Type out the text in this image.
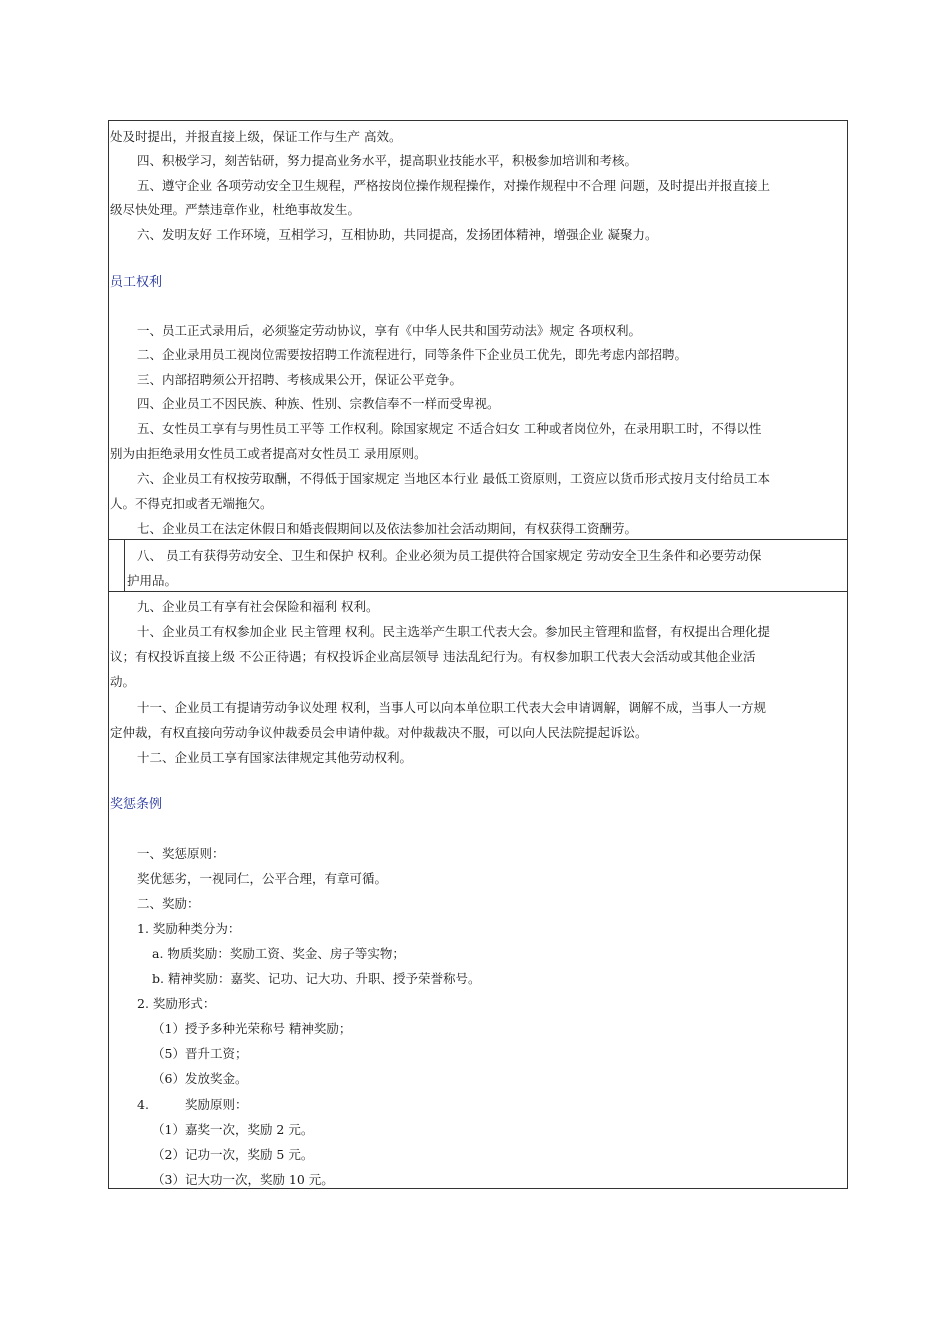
处及时提出，并报直接上级，保证工作与生产 高效。
四、积极学习，刻苦钻研，努力提高业务水平，提高职业技能水平，积极参加培训和考核。
五、遵守企业 各项劳动安全卫生规程，严格按岗位操作规程操作，对操作规程中不合理 问题，及时提出并报直接上
级尽快处理。严禁违章作业，杜绝事故发生。
六、发明友好 工作环境，互相学习，互相协助，共同提高，发扬团体精神，增强企业 凝聚力。
员工权利
一、员工正式录用后，必须鉴定劳动协议，享有《中华人民共和国劳动法》规定 各项权利。
二、企业录用员工视岗位需要按招聘工作流程进行，同等条件下企业员工优先，即先考虑内部招聘。
三、内部招聘须公开招聘、考核成果公开，保证公平竞争。
四、企业员工不因民族、种族、性别、宗教信奉不一样而受卑视。
五、女性员工享有与男性员工平等 工作权利。除国家规定 不适合妇女 工种或者岗位外，在录用职工时，不得以性
别为由拒绝录用女性员工或者提高对女性员工 录用原则。
六、企业员工有权按劳取酬，不得低于国家规定 当地区本行业 最低工资原则，工资应以货币形式按月支付给员工本
人。不得克扣或者无端拖欠。
七、企业员工在法定休假日和婚丧假期间以及依法参加社会活动期间，有权获得工资酬劳。
八、 员工有获得劳动安全、卫生和保护 权利。企业必须为员工提供符合国家规定 劳动安全卫生条件和必要劳动保
护用品。
九、企业员工有享有社会保险和福利 权利。
十、企业员工有权参加企业 民主管理 权利。民主选举产生职工代表大会。参加民主管理和监督，有权提出合理化提
议；有权投诉直接上级 不公正待遇；有权投诉企业高层领导 违法乱纪行为。有权参加职工代表大会活动或其他企业活
动。
十一、企业员工有提请劳动争议处理 权利，当事人可以向本单位职工代表大会申请调解，调解不成，当事人一方规
定仲裁，有权直接向劳动争议仲裁委员会申请仲裁。对仲裁裁决不服，可以向人民法院提起诉讼。
十二、企业员工享有国家法律规定其他劳动权利。
奖惩条例
一、奖惩原则：
奖优惩劣，一视同仁，公平合理，有章可循。
二、奖励：
1. 奖励种类分为：
a. 物质奖励：奖励工资、奖金、房子等实物；
b. 精神奖励：嘉奖、记功、记大功、升职、授予荣誉称号。
2. 奖励形式：
（1）授予多种光荣称号 精神奖励；
（5）晋升工资；
（6）发放奖金。
4.	奖励原则：
（1）嘉奖一次，奖励 2 元。
（2）记功一次，奖励 5 元。
（3）记大功一次，奖励 10 元。
